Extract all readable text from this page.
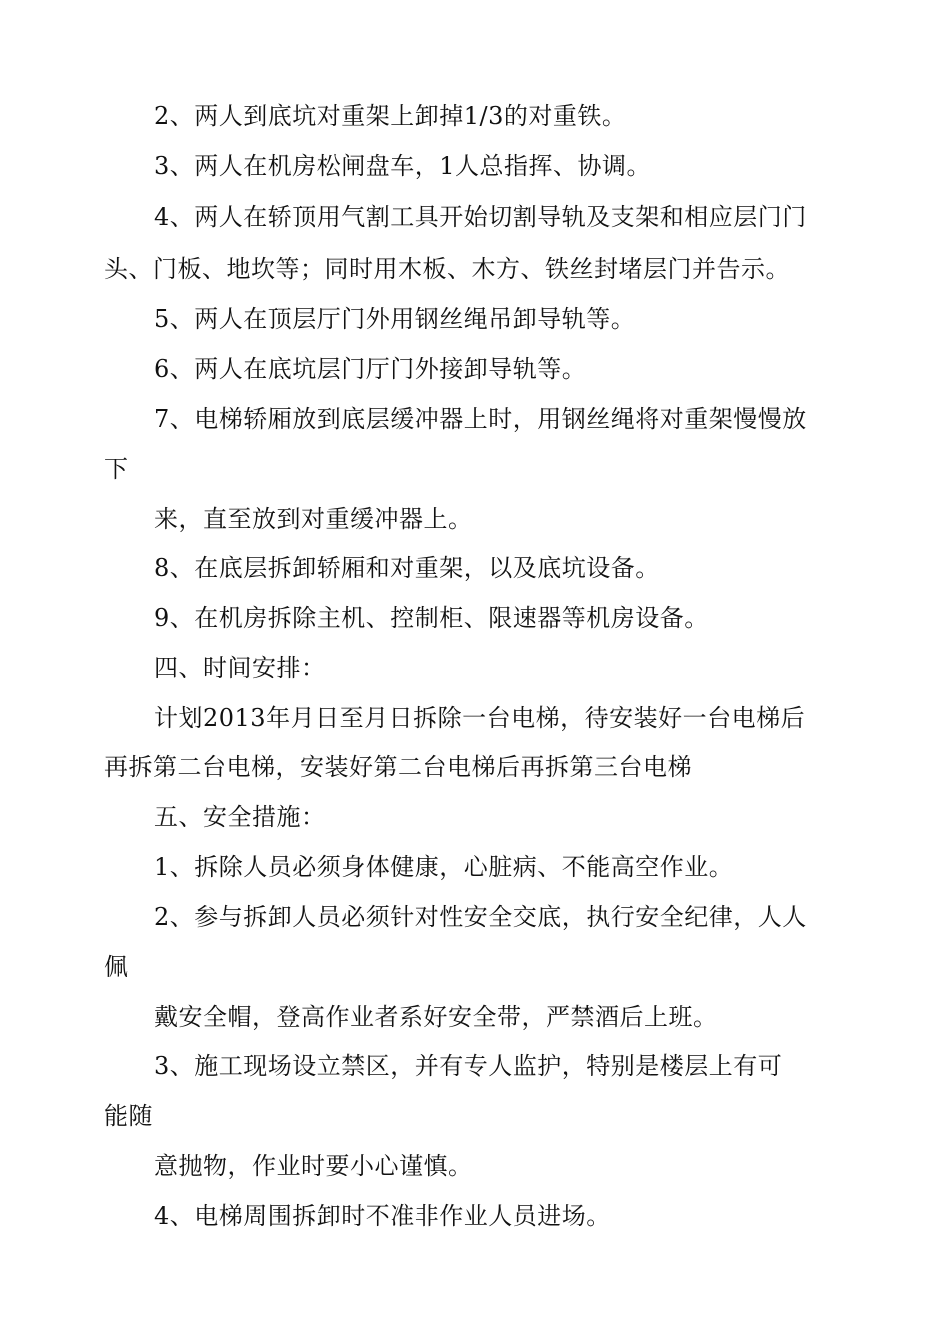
2、两人到底坑对重架上卸掉1/3的对重铁。
3、两人在机房松闸盘车，1人总指挥、协调。
4、两人在轿顶用气割工具开始切割导轨及支架和相应层门门
头、门板、地坎等；同时用木板、木方、铁丝封堵层门并告示。
5、两人在顶层厅门外用钢丝绳吊卸导轨等。
6、两人在底坑层门厅门外接卸导轨等。
7、电梯轿厢放到底层缓冲器上时，用钢丝绳将对重架慢慢放
下
来，直至放到对重缓冲器上。
8、在底层拆卸轿厢和对重架，以及底坑设备。
9、在机房拆除主机、控制柜、限速器等机房设备。
四、时间安排：
计划2013年月日至月日拆除一台电梯，待安装好一台电梯后
再拆第二台电梯，安装好第二台电梯后再拆第三台电梯
五、安全措施：
1、拆除人员必须身体健康，心脏病、不能高空作业。
2、参与拆卸人员必须针对性安全交底，执行安全纪律，人人
佩
戴安全帽，登高作业者系好安全带，严禁酒后上班。
3、施工现场设立禁区，并有专人监护，特别是楼层上有可
能随
意抛物，作业时要小心谨慎。
4、电梯周围拆卸时不准非作业人员进场。
